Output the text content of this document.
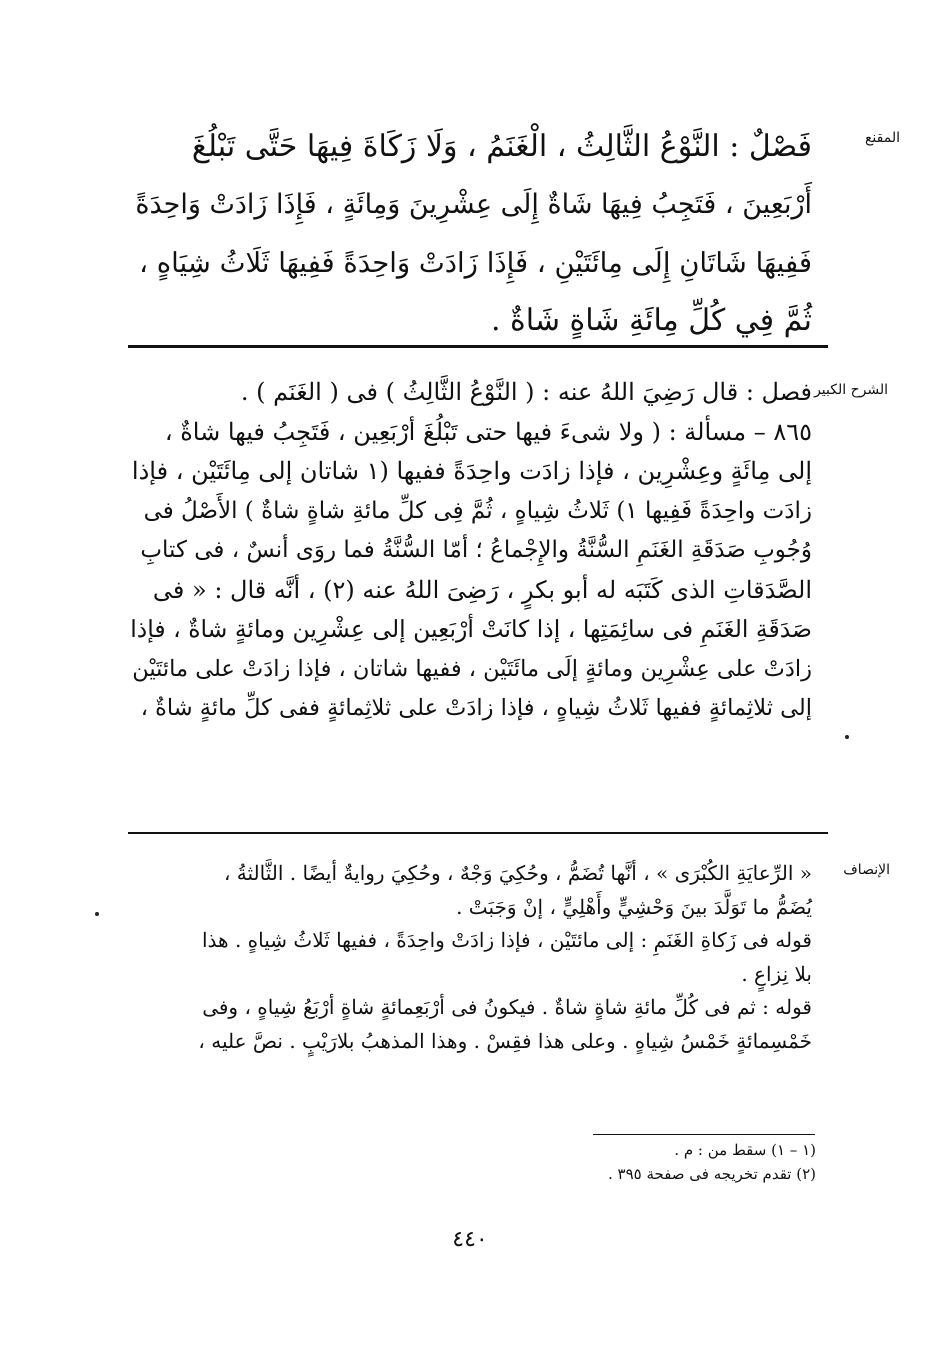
المقنع
فَصْلٌ : النَّوْعُ الثَّالِثُ ، الْغَنَمُ ، وَلَا زَكَاةَ فِيهَا حَتَّى تَبْلُغَ
أَرْبَعِينَ ، فَتَجِبُ فِيهَا شَاةٌ إِلَى عِشْرِينَ وَمِائَةٍ ، فَإِذَا زَادَتْ وَاحِدَةً
فَفِيهَا شَاتَانِ إِلَى مِائَتَيْنِ ، فَإِذَا زَادَتْ وَاحِدَةً فَفِيهَا ثَلَاثُ شِيَاهٍ ،
ثُمَّ فِي كُلِّ مِائَةِ شَاةٍ شَاةٌ .
الشرح الكبير
فصل : قال رَضِيَ اللهُ عنه : ( النَّوْعُ الثَّالِثُ ) فى ( الغَنَم ) .
٨٦٥ – مسألة : ( ولا شىءَ فيها حتى تَبْلُغَ أرْبَعِين ، فَتَجِبُ فيها شاةٌ ،
إلى مِائَةٍ وعِشْرِين ، فإذا زادَت واحِدَةً ففيها (١ شاتان إلى مِائَتَيْن ، فإذا
زادَت واحِدَةً فَفِيها ١) ثَلاثُ شِياهٍ ، ثُمَّ فِى كلِّ مائةِ شاةٍ شاةٌ ) الأَصْلُ فى
وُجُوبِ صَدَقَةِ الغَنَمِ السُّنَّةُ والإِجْماعُ ؛ أمّا السُّنَّةُ فما روَى أنسٌ ، فى كتابِ
الصَّدَقاتِ الذى كَتَبَه له أبو بكرٍ ، رَضِىَ اللهُ عنه (٢) ، أنَّه قال : « فى
صَدَقَةِ الغَنَمِ فى سائِمَتِها ، إذا كانَتْ أرْبَعِين إلى عِشْرِين ومائةٍ شاةٌ ، فإذا
زادَتْ على عِشْرِين ومائةٍ إلَى مائَتَيْن ، ففيها شاتان ، فإذا زادَتْ على مائتَيْن
إلى ثلاثِمائةٍ ففيها ثَلاثُ شِياهٍ ، فإذا زادَتْ على ثلاثِمائةٍ ففى كلِّ مائةٍ شاةٌ ،
الإنصاف
« الرِّعايَةِ الكُبْرَى » ، أنَّها تُضَمُّ ، وحُكِيَ وَجْهٌ ، وحُكِيَ روايةٌ أيضًا . الثَّالثةُ ،
يُضَمُّ ما تَوَلَّدَ بينَ وَحْشِيٍّ وأَهْلِيٍّ ، إنْ وَجَبَتْ .
قوله فى زَكاةِ الغَنَمِ : إلى مائتَيْن ، فإذا زادَتْ واحِدَةً ، ففيها ثَلاثُ شِياهٍ . هذا
بلا نِزاعٍ .
قوله : ثم فى كُلِّ مائةِ شاةٍ شاةٌ . فيكونُ فى أرْبَعِمائةٍ شاةٍ أرْبَعُ شِياهٍ ، وفى
خَمْسِمائةٍ خَمْسُ شِياهٍ . وعلى هذا فقِسْ . وهذا المذهبُ بلارَيْبٍ . نصَّ عليه ،
(١ – ١) سقط من : م .
(٢) تقدم تخريجه فى صفحة ٣٩٥ .
٤٤٠
